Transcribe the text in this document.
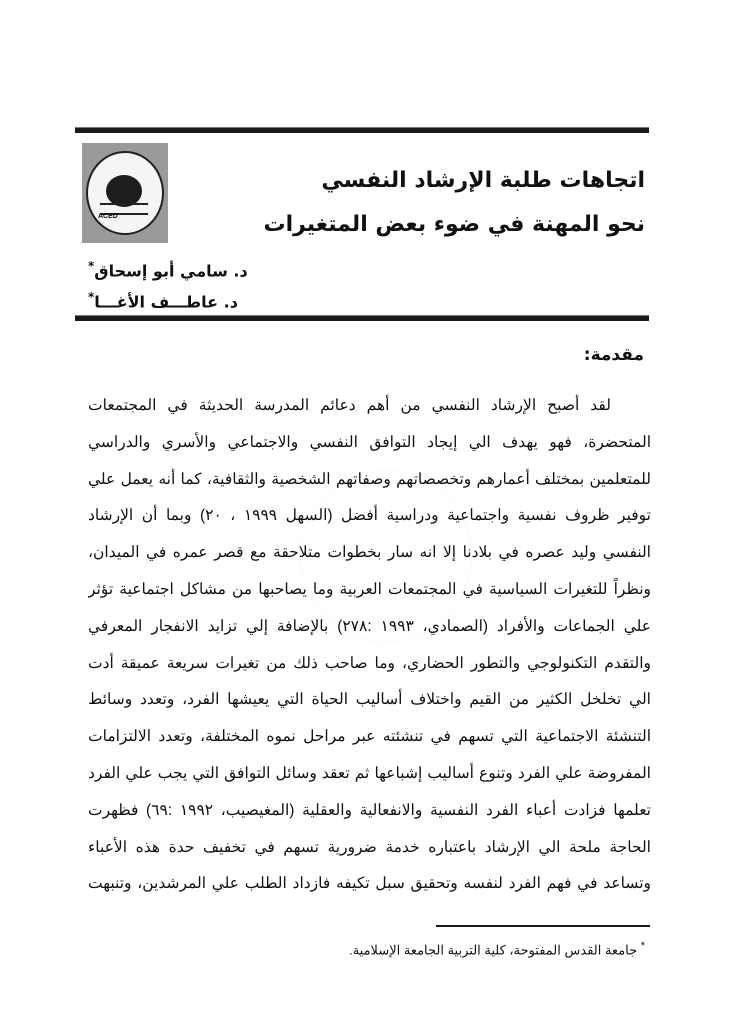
ACED
اتجاهات طلبة الإرشاد النفسي
نحو المهنة في ضوء بعض المتغيرات
د. سامي أبو إسحاق*
د. عاطـــف الأغـــا*
مقدمة:
لقد أصبح الإرشاد النفسي من أهم دعائم المدرسة الحديثة في المجتمعات
المتحضرة، فهو يهدف الي إيجاد التوافق النفسي والاجتماعي والأسري والدراسي
للمتعلمين بمختلف أعمارهم وتخصصاتهم وصفاتهم الشخصية والثقافية، كما أنه يعمل علي
توفير ظروف نفسية واجتماعية ودراسية أفضل (السهل ١٩٩٩ ، ٢٠) وبما أن الإرشاد
النفسي وليد عصره في بلادنا إلا انه سار بخطوات متلاحقة مع قصر عمره في الميدان،
ونظراً للتغيرات السياسية في المجتمعات العربية وما يصاحبها من مشاكل اجتماعية تؤثر
علي الجماعات والأفراد (الصمادي، ١٩٩٣ :٢٧٨) بالإضافة إلي تزايد الانفجار المعرفي
والتقدم التكنولوجي والتطور الحضاري، وما صاحب ذلك من تغيرات سريعة عميقة أدت
الي تخلخل الكثير من القيم واختلاف أساليب الحياة التي يعيشها الفرد، وتعدد وسائط
التنشئة الاجتماعية التي تسهم في تنشئته عبر مراحل نموه المختلفة، وتعدد الالتزامات
المفروضة علي الفرد وتنوع أساليب إشباعها ثم تعقد وسائل التوافق التي يجب علي الفرد
تعلمها فزادت أعباء الفرد النفسية والانفعالية والعقلية (المغيصيب، ١٩٩٢ :٦٩) فظهرت
الحاجة ملحة الي الإرشاد باعتباره خدمة ضرورية تسهم في تخفيف حدة هذه الأعباء
وتساعد في فهم الفرد لنفسه وتحقيق سبل تكيفه فازداد الطلب علي المرشدين، وتنبهت
* جامعة القدس المفتوحة، كلية التربية الجامعة الإسلامية.
